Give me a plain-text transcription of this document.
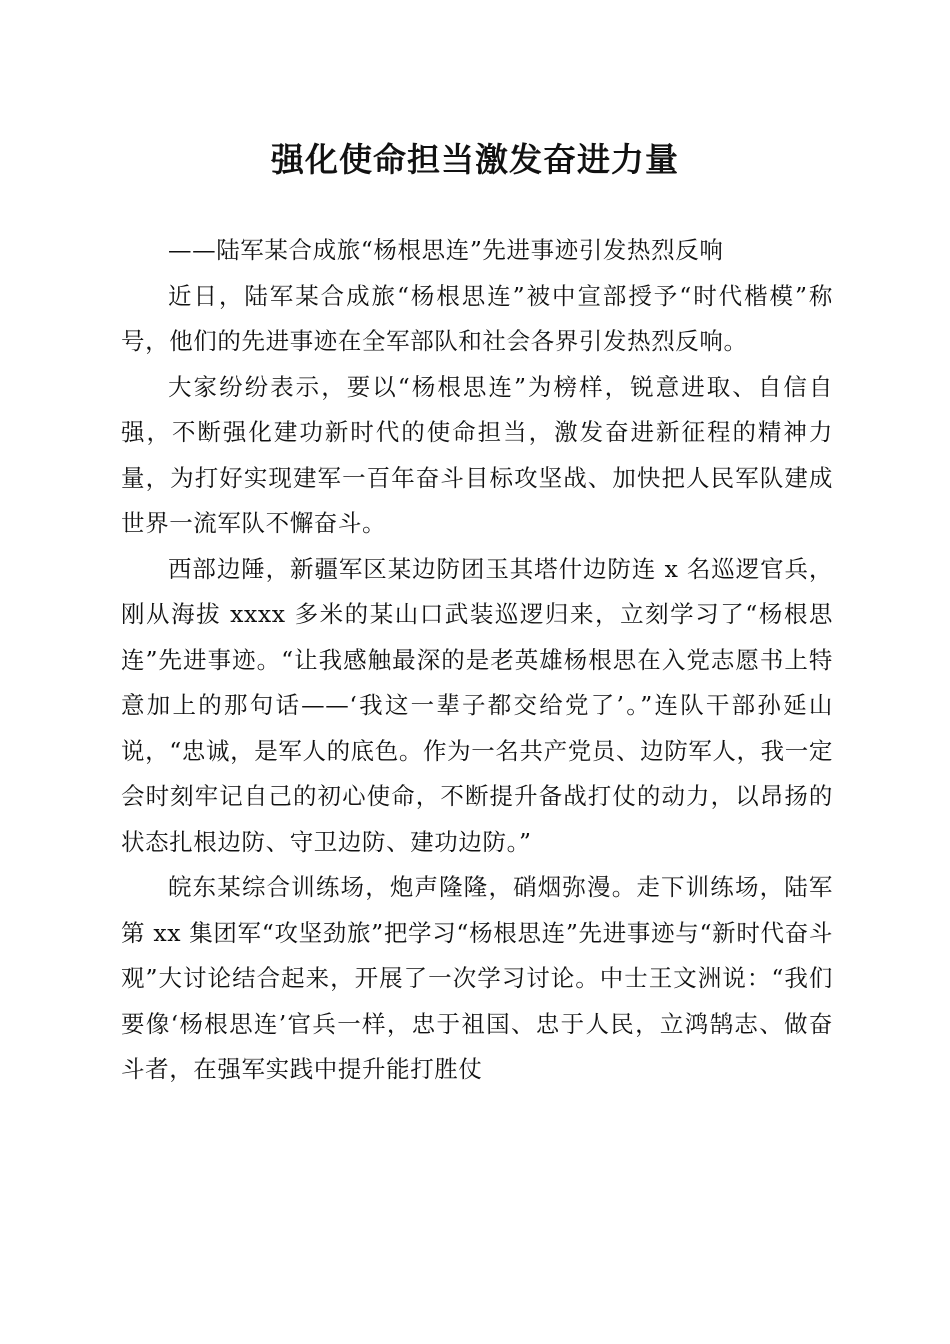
强化使命担当激发奋进力量

——陆军某合成旅“杨根思连”先进事迹引发热烈反响

近日，陆军某合成旅“杨根思连”被中宣部授予“时代楷模”称号，他们的先进事迹在全军部队和社会各界引发热烈反响。

大家纷纷表示，要以“杨根思连”为榜样，锐意进取、自信自强，不断强化建功新时代的使命担当，激发奋进新征程的精神力量，为打好实现建军一百年奋斗目标攻坚战、加快把人民军队建成世界一流军队不懈奋斗。

西部边陲，新疆军区某边防团玉其塔什边防连 x 名巡逻官兵，刚从海拔 xxxx 多米的某山口武装巡逻归来，立刻学习了“杨根思连”先进事迹。“让我感触最深的是老英雄杨根思在入党志愿书上特意加上的那句话——‘我这一辈子都交给党了’。”连队干部孙延山说，“忠诚，是军人的底色。作为一名共产党员、边防军人，我一定会时刻牢记自己的初心使命，不断提升备战打仗的动力，以昂扬的状态扎根边防、守卫边防、建功边防。”

皖东某综合训练场，炮声隆隆，硝烟弥漫。走下训练场，陆军第 xx 集团军“攻坚劲旅”把学习“杨根思连”先进事迹与“新时代奋斗观”大讨论结合起来，开展了一次学习讨论。中士王文洲说：“我们要像‘杨根思连’官兵一样，忠于祖国、忠于人民，立鸿鹄志、做奋斗者，在强军实践中提升能打胜仗
